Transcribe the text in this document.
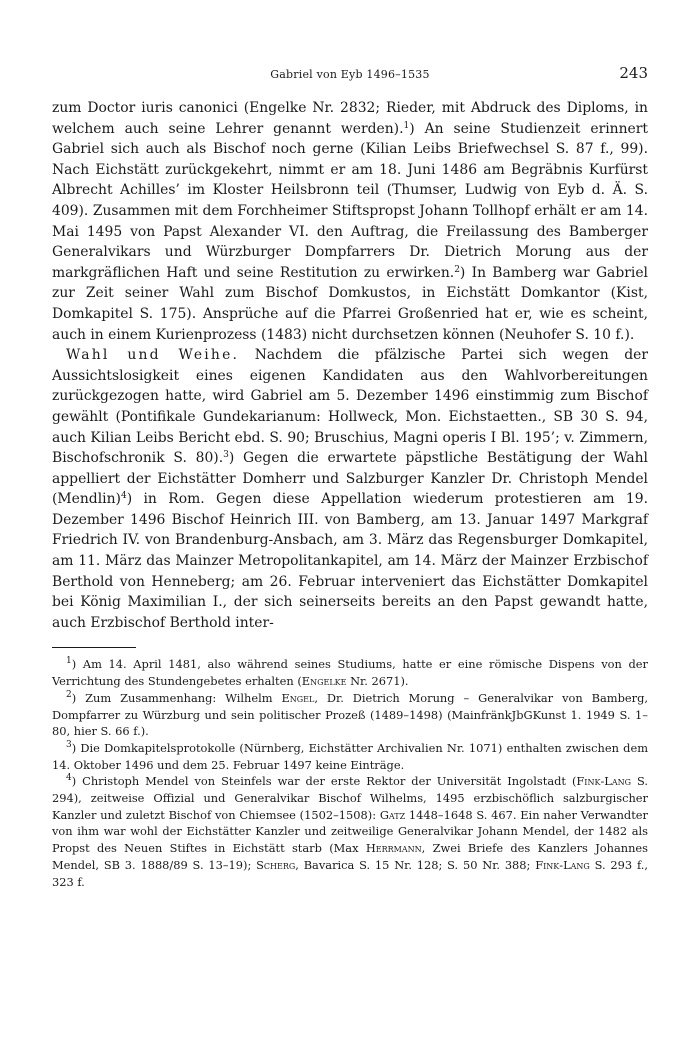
Gabriel von Eyb 1496–1535	243

zum Doctor iuris canonici (Engelke Nr. 2832; Rieder, mit Abdruck des Diploms, in welchem auch seine Lehrer genannt werden).$^1$) An seine Studienzeit erinnert Gabriel sich auch als Bischof noch gerne (Kilian Leibs Briefwechsel S. 87 f., 99). Nach Eichstätt zurückgekehrt, nimmt er am 18. Juni 1486 am Begräbnis Kurfürst Albrecht Achilles’ im Kloster Heilsbronn teil (Thumser, Ludwig von Eyb d. Ä. S. 409). Zusammen mit dem Forchheimer Stiftspropst Johann Tollhopf erhält er am 14. Mai 1495 von Papst Alexander VI. den Auftrag, die Freilassung des Bamberger Generalvikars und Würzburger Dompfarrers Dr. Dietrich Morung aus der markgräflichen Haft und seine Restitution zu erwirken.$^2$) In Bamberg war Gabriel zur Zeit seiner Wahl zum Bischof Domkustos, in Eichstätt Domkantor (Kist, Domkapitel S. 175). Ansprüche auf die Pfarrei Großenried hat er, wie es scheint, auch in einem Kurienprozess (1483) nicht durchsetzen können (Neuhofer S. 10 f.).

Wahl und Weihe. Nachdem die pfälzische Partei sich wegen der Aussichtslosigkeit eines eigenen Kandidaten aus den Wahlvorbereitungen zurückgezogen hatte, wird Gabriel am 5. Dezember 1496 einstimmig zum Bischof gewählt (Pontifikale Gundekarianum: Hollweck, Mon. Eichstaetten., SB 30 S. 94, auch Kilian Leibs Bericht ebd. S. 90; Bruschius, Magni operis I Bl. 195’; v. Zimmern, Bischofschronik S. 80).$^3$) Gegen die erwartete päpstliche Bestätigung der Wahl appelliert der Eichstätter Domherr und Salzburger Kanzler Dr. Christoph Mendel (Mendlin)$^4$) in Rom. Gegen diese Appellation wiederum protestieren am 19. Dezember 1496 Bischof Heinrich III. von Bamberg, am 13. Januar 1497 Markgraf Friedrich IV. von Brandenburg-Ansbach, am 3. März das Regensburger Domkapitel, am 11. März das Mainzer Metropolitankapitel, am 14. März der Mainzer Erzbischof Berthold von Henneberg; am 26. Februar interveniert das Eichstätter Domkapitel bei König Maximilian I., der sich seinerseits bereits an den Papst gewandt hatte, auch Erzbischof Berthold inter-

$^1$) Am 14. April 1481, also während seines Studiums, hatte er eine römische Dispens von der Verrichtung des Stundengebetes erhalten (Engelke Nr. 2671).

$^2$) Zum Zusammenhang: Wilhelm Engel, Dr. Dietrich Morung – Generalvikar von Bamberg, Dompfarrer zu Würzburg und sein politischer Prozeß (1489–1498) (MainfränkJbGKunst 1. 1949 S. 1–80, hier S. 66 f.).

$^3$) Die Domkapitelsprotokolle (Nürnberg, Eichstätter Archivalien Nr. 1071) enthalten zwischen dem 14. Oktober 1496 und dem 25. Februar 1497 keine Einträge.

$^4$) Christoph Mendel von Steinfels war der erste Rektor der Universität Ingolstadt (Fink-Lang S. 294), zeitweise Offizial und Generalvikar Bischof Wilhelms, 1495 erzbischöflich salzburgischer Kanzler und zuletzt Bischof von Chiemsee (1502–1508): Gatz 1448–1648 S. 467. Ein naher Verwandter von ihm war wohl der Eichstätter Kanzler und zeitweilige Generalvikar Johann Mendel, der 1482 als Propst des Neuen Stiftes in Eichstätt starb (Max Herrmann, Zwei Briefe des Kanzlers Johannes Mendel, SB 3. 1888/89 S. 13–19); Scherg, Bavarica S. 15 Nr. 128; S. 50 Nr. 388; Fink-Lang S. 293 f., 323 f.
